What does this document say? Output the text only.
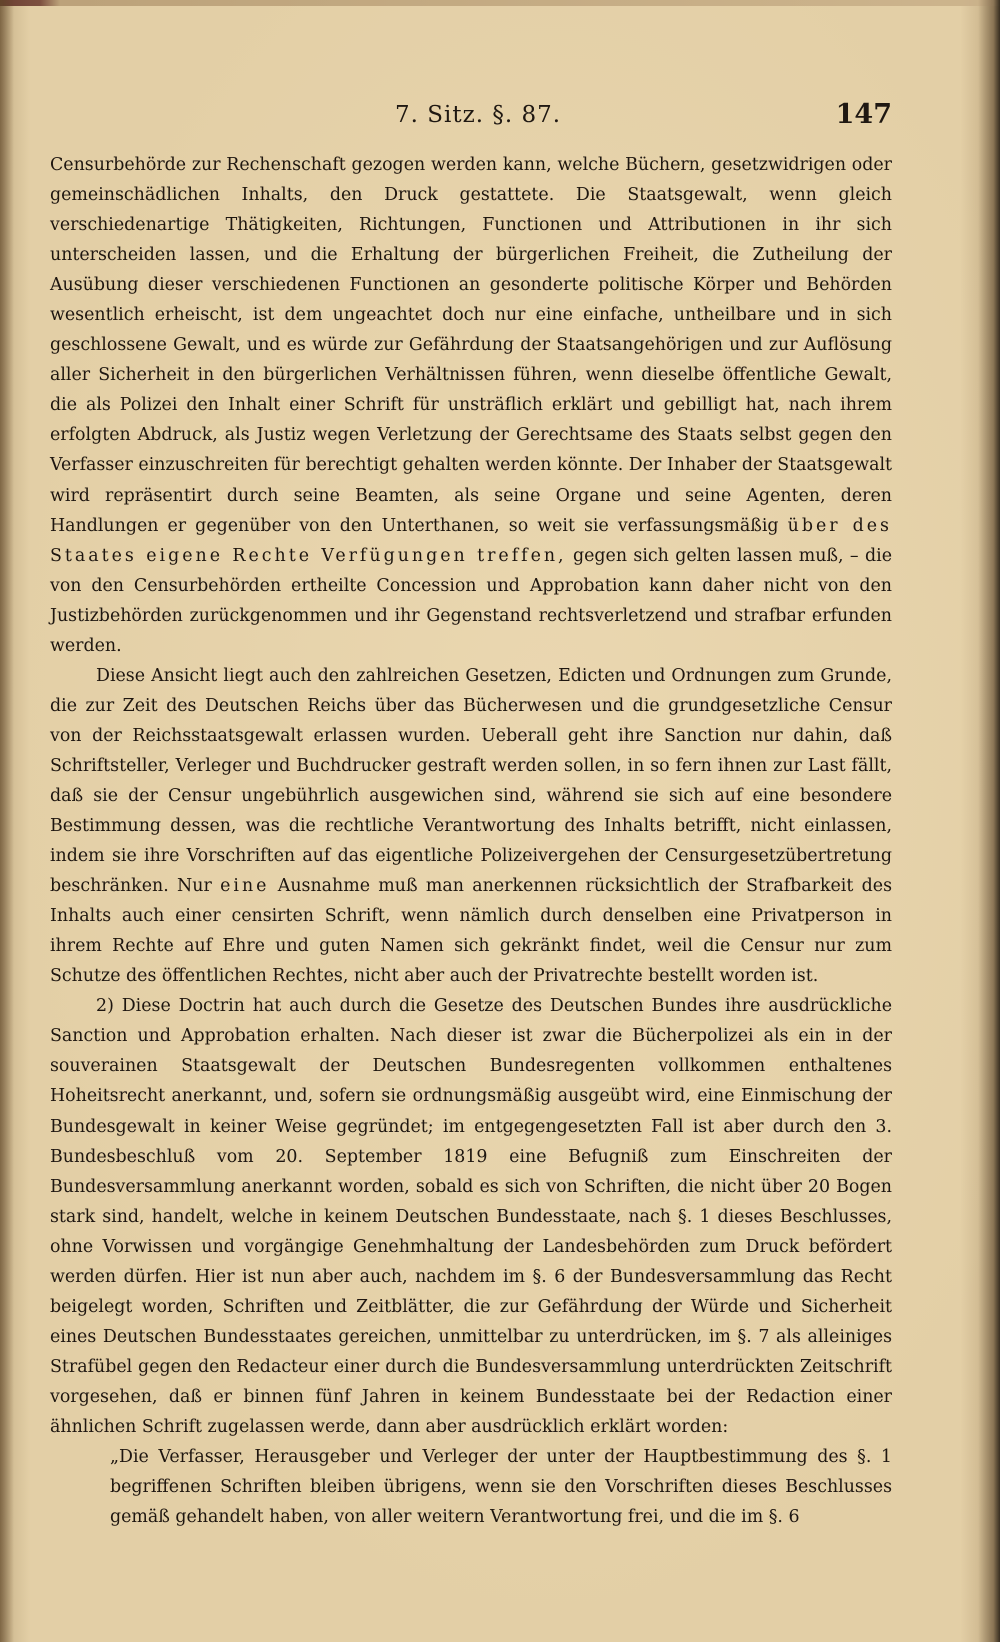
7. Sitz. §. 87.	147

Censurbehörde zur Rechenschaft gezogen werden kann, welche Büchern, gesetzwidrigen oder gemeinschädlichen Inhalts, den Druck gestattete. Die Staatsgewalt, wenn gleich verschiedenartige Thätigkeiten, Richtungen, Functionen und Attributionen in ihr sich unterscheiden lassen, und die Erhaltung der bürgerlichen Freiheit, die Zutheilung der Ausübung dieser verschiedenen Functionen an gesonderte politische Körper und Behörden wesentlich erheischt, ist dem ungeachtet doch nur eine einfache, untheilbare und in sich geschlossene Gewalt, und es würde zur Gefährdung der Staatsangehörigen und zur Auflösung aller Sicherheit in den bürgerlichen Verhältnissen führen, wenn dieselbe öffentliche Gewalt, die als Polizei den Inhalt einer Schrift für unsträflich erklärt und gebilligt hat, nach ihrem erfolgten Abdruck, als Justiz wegen Verletzung der Gerechtsame des Staats selbst gegen den Verfasser einzuschreiten für berechtigt gehalten werden könnte. Der Inhaber der Staatsgewalt wird repräsentirt durch seine Beamten, als seine Organe und seine Agenten, deren Handlungen er gegenüber von den Unterthanen, so weit sie verfassungsmäßig über des Staates eigene Rechte Verfügungen treffen, gegen sich gelten lassen muß, – die von den Censurbehörden ertheilte Concession und Approbation kann daher nicht von den Justizbehörden zurückgenommen und ihr Gegenstand rechtsverletzend und strafbar erfunden werden.

Diese Ansicht liegt auch den zahlreichen Gesetzen, Edicten und Ordnungen zum Grunde, die zur Zeit des Deutschen Reichs über das Bücherwesen und die grundgesetzliche Censur von der Reichsstaatsgewalt erlassen wurden. Ueberall geht ihre Sanction nur dahin, daß Schriftsteller, Verleger und Buchdrucker gestraft werden sollen, in so fern ihnen zur Last fällt, daß sie der Censur ungebührlich ausgewichen sind, während sie sich auf eine besondere Bestimmung dessen, was die rechtliche Verantwortung des Inhalts betrifft, nicht einlassen, indem sie ihre Vorschriften auf das eigentliche Polizeivergehen der Censurgesetzübertretung beschränken. Nur eine Ausnahme muß man anerkennen rücksichtlich der Strafbarkeit des Inhalts auch einer censirten Schrift, wenn nämlich durch denselben eine Privatperson in ihrem Rechte auf Ehre und guten Namen sich gekränkt findet, weil die Censur nur zum Schutze des öffentlichen Rechtes, nicht aber auch der Privatrechte bestellt worden ist.

2) Diese Doctrin hat auch durch die Gesetze des Deutschen Bundes ihre ausdrückliche Sanction und Approbation erhalten. Nach dieser ist zwar die Bücherpolizei als ein in der souverainen Staatsgewalt der Deutschen Bundesregenten vollkommen enthaltenes Hoheitsrecht anerkannt, und, sofern sie ordnungsmäßig ausgeübt wird, eine Einmischung der Bundesgewalt in keiner Weise gegründet; im entgegengesetzten Fall ist aber durch den 3. Bundesbeschluß vom 20. September 1819 eine Befugniß zum Einschreiten der Bundesversammlung anerkannt worden, sobald es sich von Schriften, die nicht über 20 Bogen stark sind, handelt, welche in keinem Deutschen Bundesstaate, nach §. 1 dieses Beschlusses, ohne Vorwissen und vorgängige Genehmhaltung der Landesbehörden zum Druck befördert werden dürfen. Hier ist nun aber auch, nachdem im §. 6 der Bundesversammlung das Recht beigelegt worden, Schriften und Zeitblätter, die zur Gefährdung der Würde und Sicherheit eines Deutschen Bundesstaates gereichen, unmittelbar zu unterdrücken, im §. 7 als alleiniges Strafübel gegen den Redacteur einer durch die Bundesversammlung unterdrückten Zeitschrift vorgesehen, daß er binnen fünf Jahren in keinem Bundesstaate bei der Redaction einer ähnlichen Schrift zugelassen werde, dann aber ausdrücklich erklärt worden:

„Die Verfasser, Herausgeber und Verleger der unter der Hauptbestimmung des §. 1 begriffenen Schriften bleiben übrigens, wenn sie den Vorschriften dieses Beschlusses gemäß gehandelt haben, von aller weitern Verantwortung frei, und die im §. 6
